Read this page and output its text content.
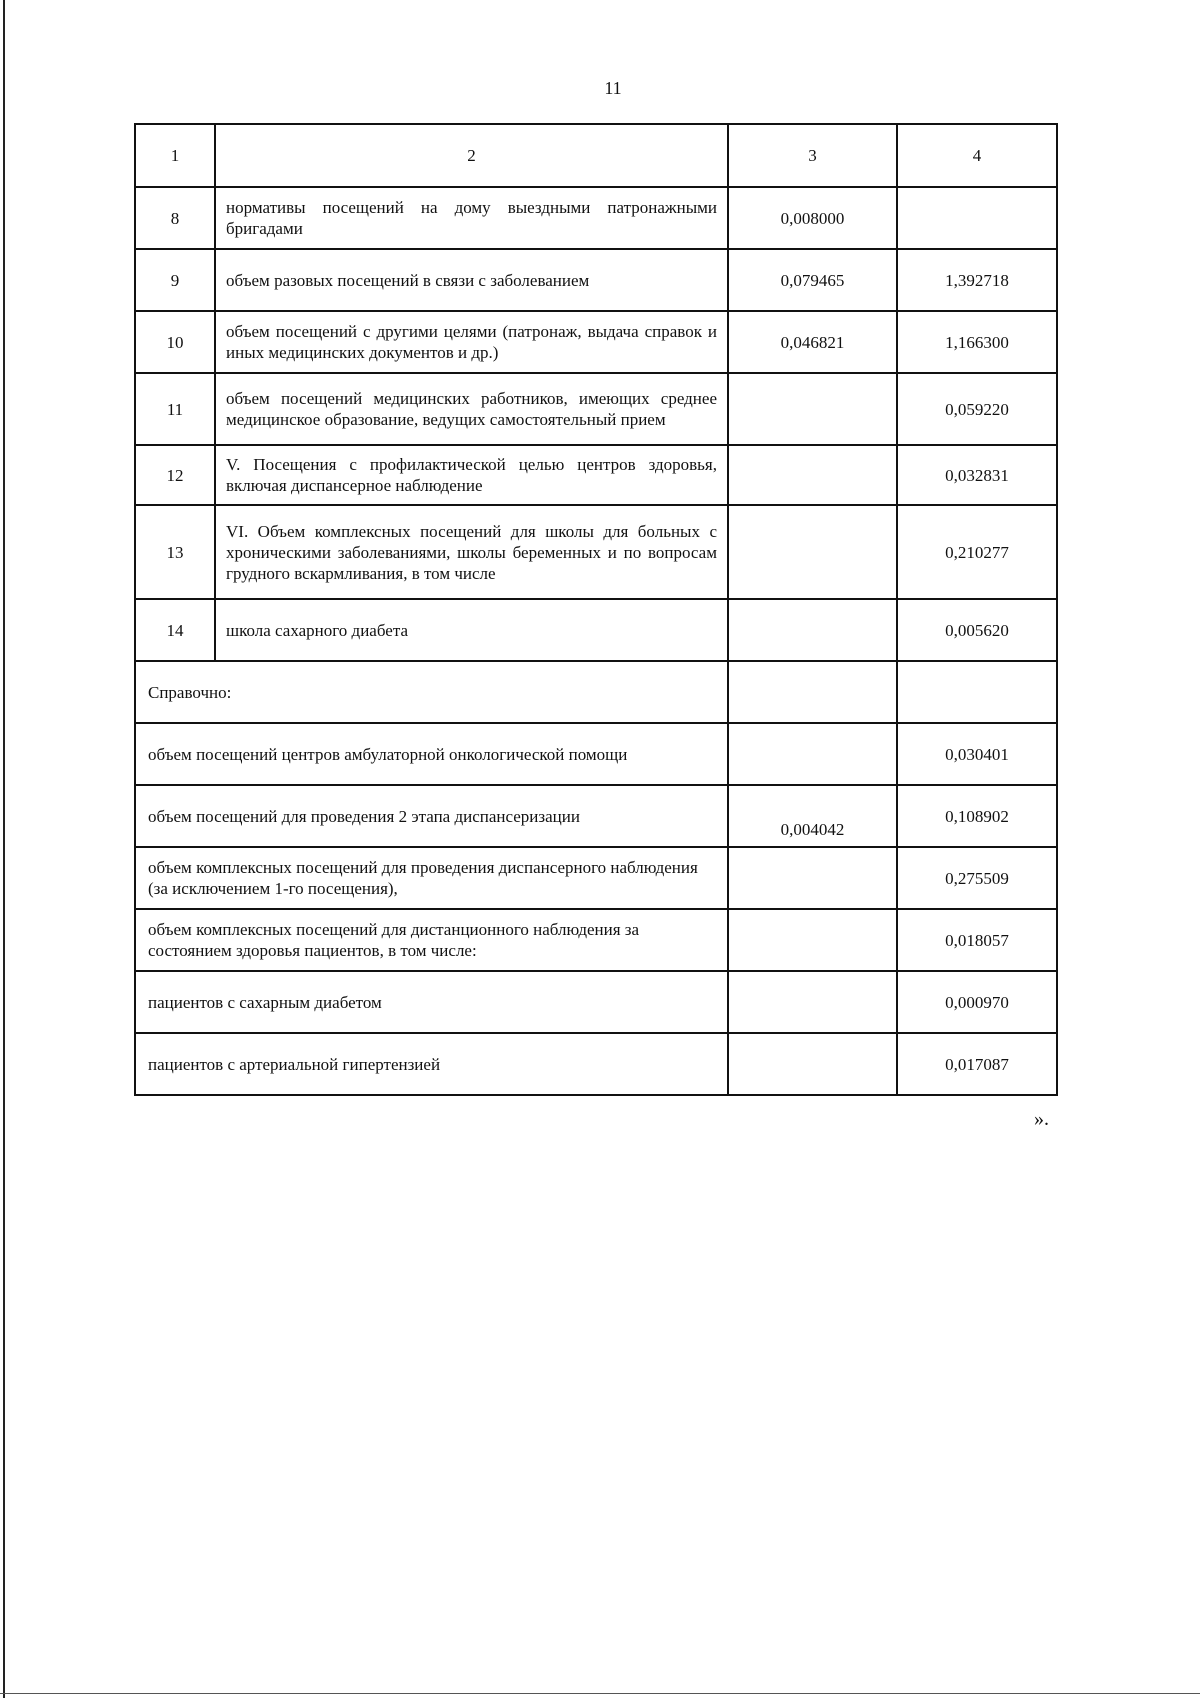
11
1	2	3	4
8	нормативы посещений на дому выездными патронажными бригадами	0,008000	
9	объем разовых посещений в связи с заболеванием	0,079465	1,392718
10	объем посещений с другими целями (патронаж, выдача справок и иных медицинских документов и др.)	0,046821	1,166300
11	объем посещений медицинских работников, имеющих среднее медицинское образование, ведущих самостоятельный прием		0,059220
12	V. Посещения с профилактической целью центров здоровья, включая диспансерное наблюдение		0,032831
13	VI. Объем комплексных посещений для школы для больных с хроническими заболеваниями, школы беременных и по вопросам грудного вскармливания, в том числе		0,210277
14	школа сахарного диабета		0,005620
Справочно:			
объем посещений центров амбулаторной онкологической помощи			0,030401
объем посещений для проведения 2 этапа диспансеризации		0,004042	0,108902
объем комплексных посещений для проведения диспансерного наблюдения (за исключением 1-го посещения),			0,275509
объем комплексных посещений для дистанционного наблюдения за состоянием здоровья пациентов, в том числе:			0,018057
пациентов с сахарным диабетом			0,000970
пациентов с артериальной гипертензией			0,017087
».
